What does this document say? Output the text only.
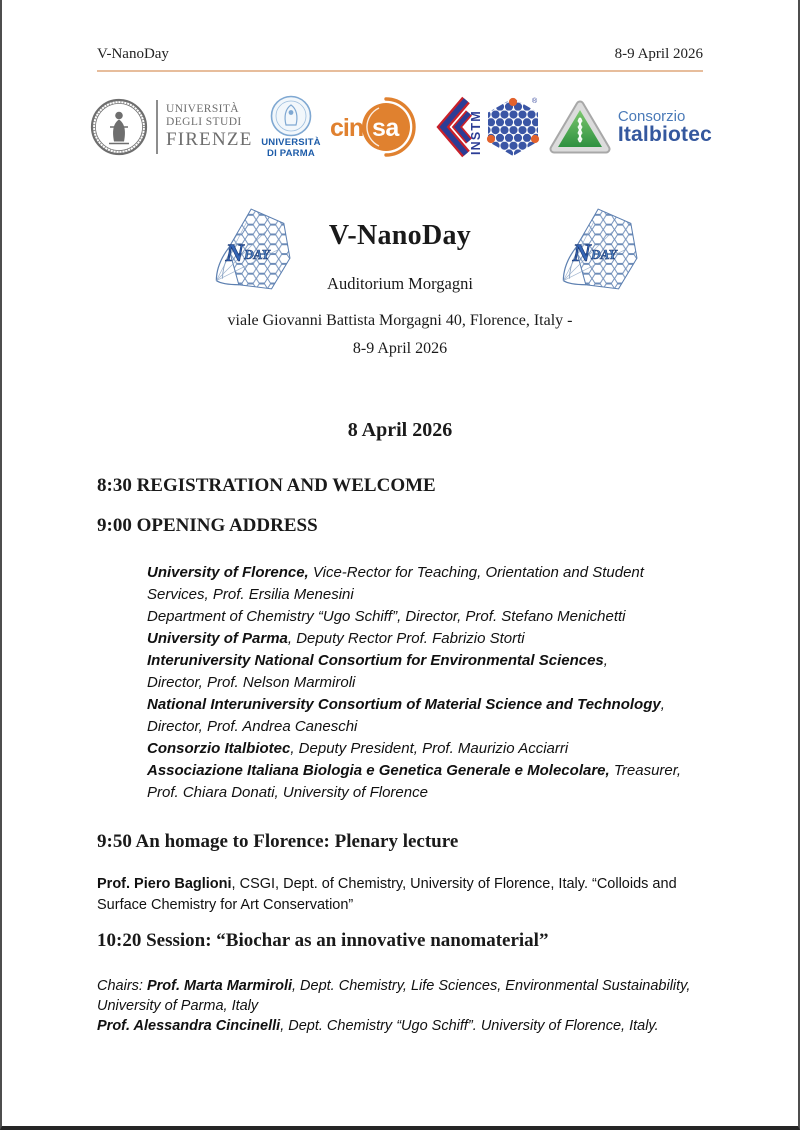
V-NanoDay	8-9 April 2026
UNIVERSITÀ
DEGLI STUDI
FIRENZE UNIVERSITÀ
DI PARMA
cin sa	INSTM
®
Consorzio
Italbiotec
N DAY	N DAY
V-NanoDay
Auditorium Morgagni
viale Giovanni Battista Morgagni 40, Florence, Italy -
8-9 April 2026
8 April 2026
8:30 REGISTRATION AND WELCOME
9:00 OPENING ADDRESS

University of Florence, Vice-Rector for Teaching, Orientation and Student

Services, Prof. Ersilia Menesini

Department of Chemistry “Ugo Schiff”, Director, Prof. Stefano Menichetti

University of Parma, Deputy Rector Prof. Fabrizio Storti

Interuniversity National Consortium for Environmental Sciences,

Director, Prof. Nelson Marmiroli

National Interuniversity Consortium of Material Science and Technology,

Director, Prof. Andrea Caneschi

Consorzio Italbiotec, Deputy President, Prof. Maurizio Acciarri

Associazione Italiana Biologia e Genetica Generale e Molecolare, Treasurer,

Prof. Chiara Donati, University of Florence

9:50 An homage to Florence: Plenary lecture

Prof. Piero Baglioni, CSGI, Dept. of Chemistry, University of Florence, Italy. “Colloids and

Surface Chemistry for Art Conservation”

10:20 Session: “Biochar as an innovative nanomaterial”

Chairs: Prof. Marta Marmiroli, Dept. Chemistry, Life Sciences, Environmental Sustainability,

University of Parma, Italy

Prof. Alessandra Cincinelli, Dept. Chemistry “Ugo Schiff”. University of Florence, Italy.
